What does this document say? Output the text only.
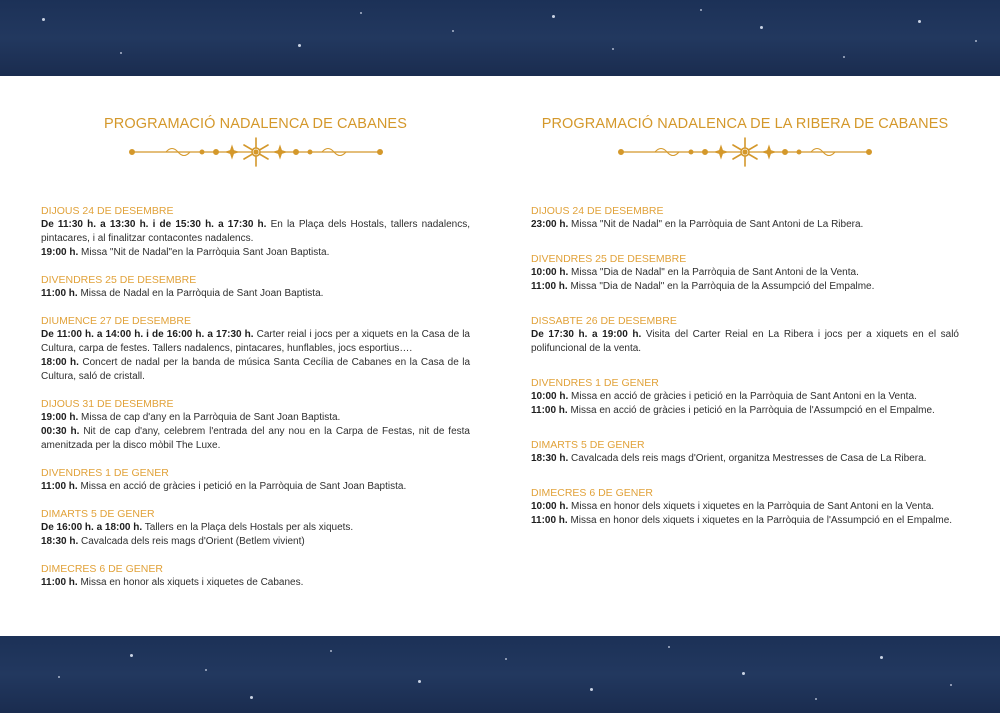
PROGRAMACIÓ NADALENCA DE CABANES
DIJOUS 24 DE DESEMBRE
De 11:30 h. a 13:30 h. i de 15:30 h. a 17:30 h. En la Plaça dels Hostals, tallers nadalencs, pintacares, i al finalitzar contacontes nadalencs.
19:00 h. Missa "Nit de Nadal"en la Parròquia Sant Joan Baptista.
DIVENDRES 25 DE DESEMBRE
11:00 h. Missa de Nadal en la Parròquia de Sant Joan Baptista.
DIUMENCE 27 DE DESEMBRE
De 11:00 h. a 14:00 h. i de 16:00 h. a 17:30 h. Carter reial i jocs per a xiquets en la Casa de la Cultura, carpa de festes. Tallers nadalencs, pintacares, hunflables, jocs esportius….
18:00 h. Concert de nadal per la banda de música Santa Cecília de Cabanes en la Casa de la Cultura, saló de cristall.
DIJOUS 31 DE DESEMBRE
19:00 h. Missa de cap d'any en la Parròquia de Sant Joan Baptista.
00:30 h. Nit de cap d'any, celebrem l'entrada del any nou en la Carpa de Festas, nit de festa amenitzada per la disco mòbil The Luxe.
DIVENDRES 1 DE GENER
11:00 h. Missa en acció de gràcies i petició en la Parròquia de Sant Joan Baptista.
DIMARTS 5 DE GENER
De 16:00 h. a 18:00 h. Tallers en la Plaça dels Hostals per als xiquets.
18:30 h. Cavalcada dels reis mags d'Orient (Betlem vivient)
DIMECRES 6 DE GENER
11:00 h. Missa en honor als xiquets i xiquetes de Cabanes.
PROGRAMACIÓ NADALENCA DE LA RIBERA DE CABANES
DIJOUS 24 DE DESEMBRE
23:00 h. Missa "Nit de Nadal" en la Parròquia de Sant Antoni de La Ribera.
DIVENDRES 25 DE DESEMBRE
10:00 h. Missa "Dia de Nadal" en la Parròquia de Sant Antoni de la Venta.
11:00 h. Missa "Dia de Nadal" en la Parròquia de la Assumpció del Empalme.
DISSABTE 26 DE DESEMBRE
De 17:30 h. a 19:00 h. Visita del Carter Reial en La Ribera i jocs per a xiquets en el saló polifuncional de la venta.
DIVENDRES 1 DE GENER
10:00 h. Missa en acció de gràcies i petició en la Parròquia de Sant Antoni en la Venta.
11:00 h. Missa en acció de gràcies i petició en la Parròquia de l'Assumpció en el Empalme.
DIMARTS 5 DE GENER
18:30 h. Cavalcada dels reis mags d'Orient, organitza Mestresses de Casa de La Ribera.
DIMECRES 6 DE GENER
10:00 h. Missa en honor dels xiquets i xiquetes en la Parròquia de Sant Antoni en la Venta.
11:00 h. Missa en honor dels xiquets i xiquetes en la Parròquia de l'Assumpció en el Empalme.
